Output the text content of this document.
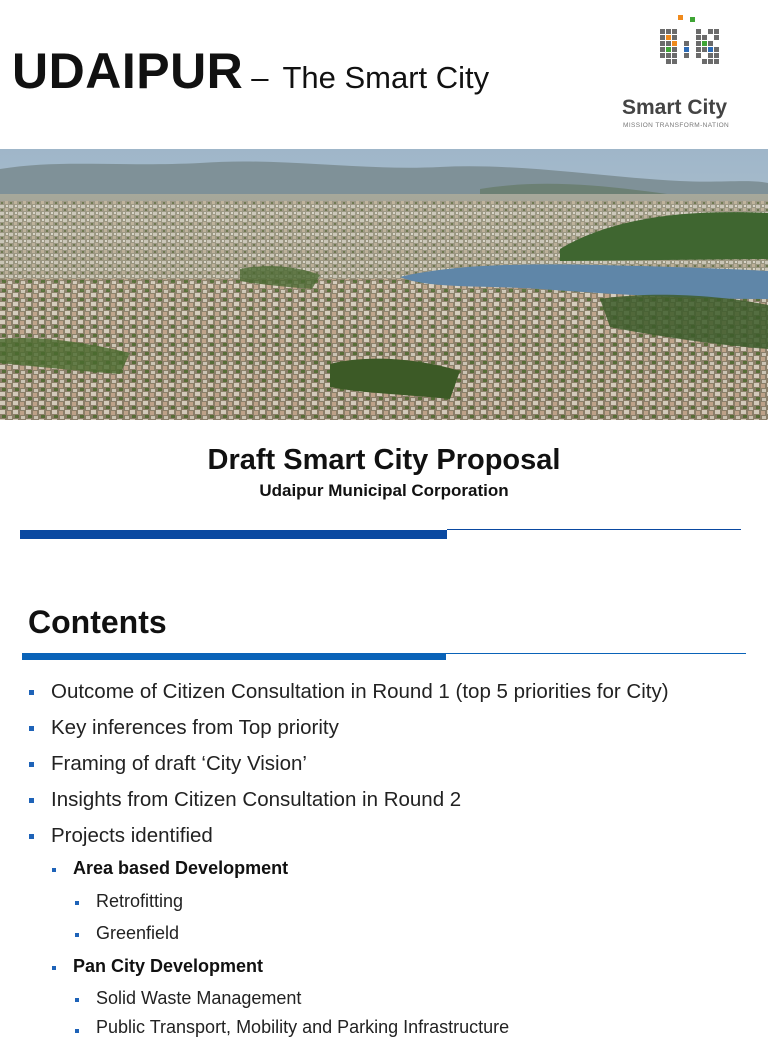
UDAIPUR – The Smart City
Smart City
MISSION TRANSFORM-NATION
Draft Smart City Proposal
Udaipur Municipal Corporation
Contents
Outcome of Citizen Consultation in Round 1 (top 5 priorities for City)
Key inferences from Top priority
Framing of draft ‘City Vision’
Insights from Citizen Consultation in Round 2
Projects identified
Area based Development
Retrofitting
Greenfield
Pan City Development
Solid Waste Management
Public Transport, Mobility and Parking Infrastructure
